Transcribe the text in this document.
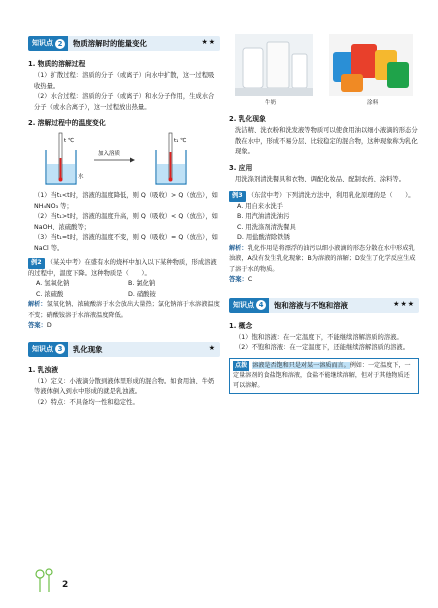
知识点 2	物质溶解时的能量变化	★★
1. 物质的溶解过程

（1）扩散过程：溶质的分子（或离子）向水中扩散，这一过程吸收热量。

（2）水合过程：溶质的分子（或离子）和水分子作用，生成水合分子（或水合离子），这一过程放出热量。

2. 溶解过程中的温度变化
t ℃
水
加入溶质
t₁ ℃

（1）当t₁<t时，溶液的温度降低，则 Q（吸收）> Q（放出），如 NH₄NO₃ 等；

（2）当t₁>t时，溶液的温度升高，则 Q（吸收）< Q（放出），如 NaOH、浓硫酸等；

（3）当t₁=t时，溶液的温度不变，则 Q（吸收）= Q（放出），如 NaCl 等。

例2 （某关中考）在盛有水的烧杯中加入以下某种物质，形成溶液的过程中，温度下降。这种物质是（　　）。
A. 氢氧化钠	B. 氯化钠
C. 浓硫酸	D. 硝酸铵
解析：氢氧化钠、浓硫酸溶于水会放出大量热；氯化钠溶于水溶液温度不变；硝酸铵溶于水溶液温度降低。
答案：D
知识点 3	乳化现象	★
1. 乳浊液

（1）定义：小液滴分散到液体里形成的混合物。如食用油、牛奶等液体倒入到水中形成的就是乳浊液。

（2）特点：不具备均一性和稳定性。

牛奶	涂料
2. 乳化现象

洗洁精、洗衣粉和洗发液等物质可以使食用油以细小液滴的形态分散在水中，形成不易分层、比较稳定的混合物，这种现象称为乳化现象。

3. 应用

用洗涤剂清洗餐具和衣物、调配化妆品、配制农药、涂料等。

例3 （东营中考）下列清洗方法中，利用乳化原理的是（　　）。
A. 用自来水洗手
B. 用汽油清洗油污
C. 用洗涤剂清洗餐具
D. 用盐酸清除铁锈
解析：乳化作用是将漂浮的油污以细小液滴的形态分散在水中形成乳浊液，A没有发生乳化现象；B为溶液的溶解；D发生了化学反应生成了溶于水的物质。
答案：C
知识点 4	饱和溶液与不饱和溶液	★★★
1. 概念

（1）饱和溶液：在一定温度下，不能继续溶解溶质的溶液。

（2）不饱和溶液：在一定温度下，还能继续溶解溶质的溶液。

点拨 溶液是否饱和只是对某一溶质而言。例如：一定温度下，一定量溶剂的食盐饱和溶液，食盐不能继续溶解，但对于其他物质还可以溶解。
2
